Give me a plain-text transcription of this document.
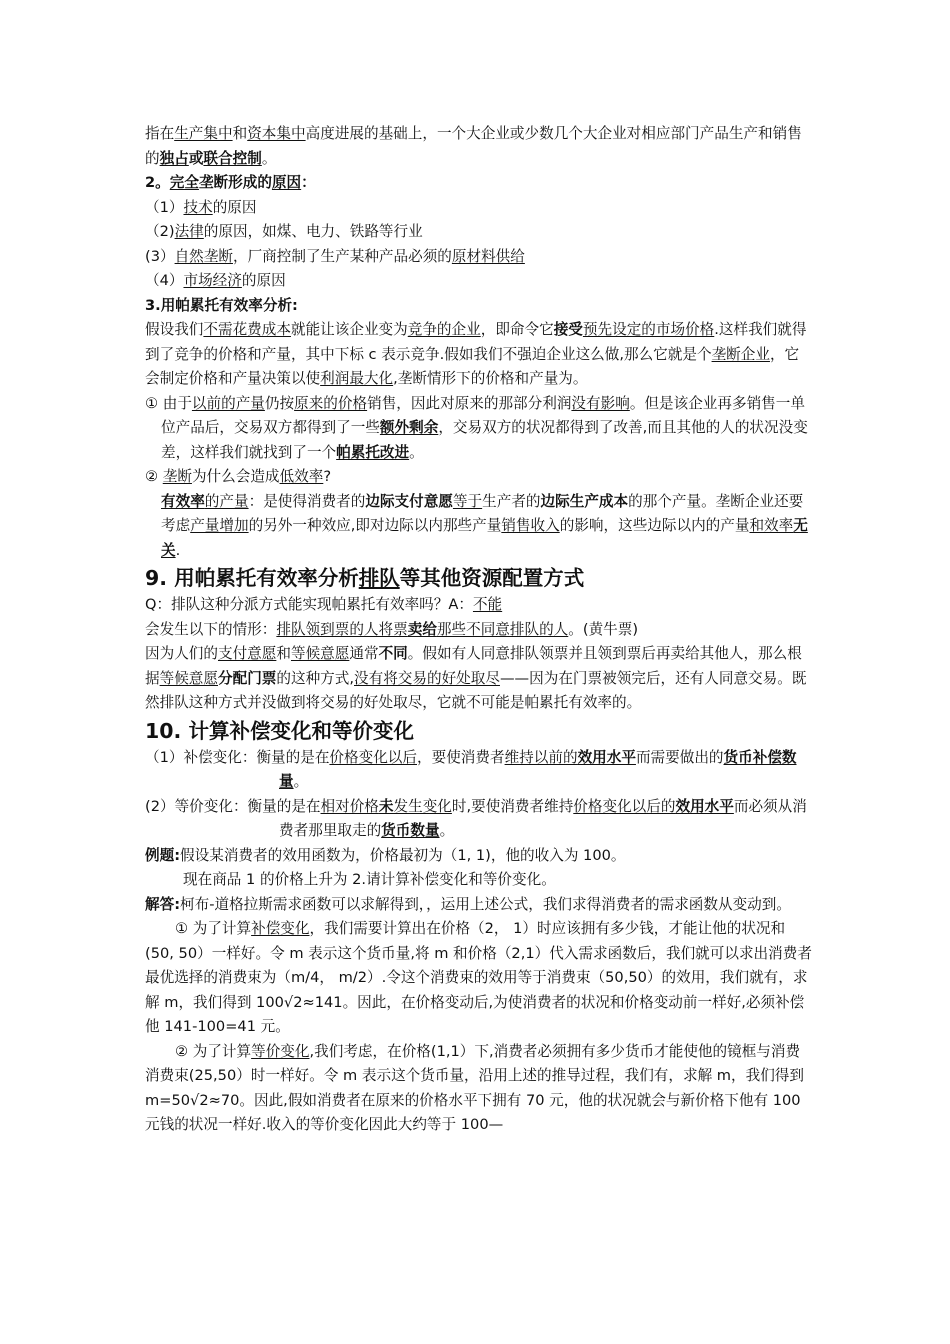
指在生产集中和资本集中高度进展的基础上，一个大企业或少数几个大企业对相应部门产品生产和销售的独占或联合控制。

2。完全垄断形成的原因：

（1）技术的原因

（2)法律的原因，如煤、电力、铁路等行业

(3）自然垄断，厂商控制了生产某种产品必须的原材料供给

（4）市场经济的原因

3.用帕累托有效率分析:

假设我们不需花费成本就能让该企业变为竞争的企业，即命令它接受预先设定的市场价格.这样我们就得到了竞争的价格和产量，其中下标 c 表示竞争.假如我们不强迫企业这么做,那么它就是个垄断企业，它会制定价格和产量决策以使利润最大化,垄断情形下的价格和产量为。

① 由于以前的产量仍按原来的价格销售，因此对原来的那部分利润没有影响。但是该企业再多销售一单位产品后，交易双方都得到了一些额外剩余，交易双方的状况都得到了改善,而且其他的人的状况没变差，这样我们就找到了一个帕累托改进。

② 垄断为什么会造成低效率?

有效率的产量：是使得消费者的边际支付意愿等于生产者的边际生产成本的那个产量。垄断企业还要考虑产量增加的另外一种效应,即对边际以内那些产量销售收入的影响，这些边际以内的产量和效率无关.

9. 用帕累托有效率分析排队等其他资源配置方式

Q：排队这种分派方式能实现帕累托有效率吗？A：不能

会发生以下的情形：排队领到票的人将票卖给那些不同意排队的人。(黄牛票)

因为人们的支付意愿和等候意愿通常不同。假如有人同意排队领票并且领到票后再卖给其他人，那么根据等候意愿分配门票的这种方式,没有将交易的好处取尽——因为在门票被领完后，还有人同意交易。既然排队这种方式并没做到将交易的好处取尽，它就不可能是帕累托有效率的。

10. 计算补偿变化和等价变化

（1）补偿变化：衡量的是在价格变化以后，要使消费者维持以前的效用水平而需要做出的货币补偿数量。

(2）等价变化：衡量的是在相对价格未发生变化时,要使消费者维持价格变化以后的效用水平而必须从消费者那里取走的货币数量。

例题:假设某消费者的效用函数为，价格最初为（1, 1)，他的收入为 100。

现在商品 1 的价格上升为 2.请计算补偿变化和等价变化。

解答:柯布-道格拉斯需求函数可以求解得到，，运用上述公式，我们求得消费者的需求函数从变动到。

① 为了计算补偿变化，我们需要计算出在价格（2， 1）时应该拥有多少钱，才能让他的状况和(50, 50）一样好。令 m 表示这个货币量,将 m 和价格（2,1）代入需求函数后，我们就可以求出消费者最优选择的消费束为（m/4， m/2）.令这个消费束的效用等于消费束（50,50）的效用，我们就有，求解 m，我们得到 100√2≈141。因此，在价格变动后,为使消费者的状况和价格变动前一样好,必须补偿他 141-100=41 元。

② 为了计算等价变化,我们考虑，在价格(1,1）下,消费者必须拥有多少货币才能使他的镜框与消费消费束(25,50）时一样好。令 m 表示这个货币量，沿用上述的推导过程，我们有，求解 m，我们得到 m=50√2≈70。因此,假如消费者在原来的价格水平下拥有 70 元，他的状况就会与新价格下他有 100 元钱的状况一样好.收入的等价变化因此大约等于 100—
